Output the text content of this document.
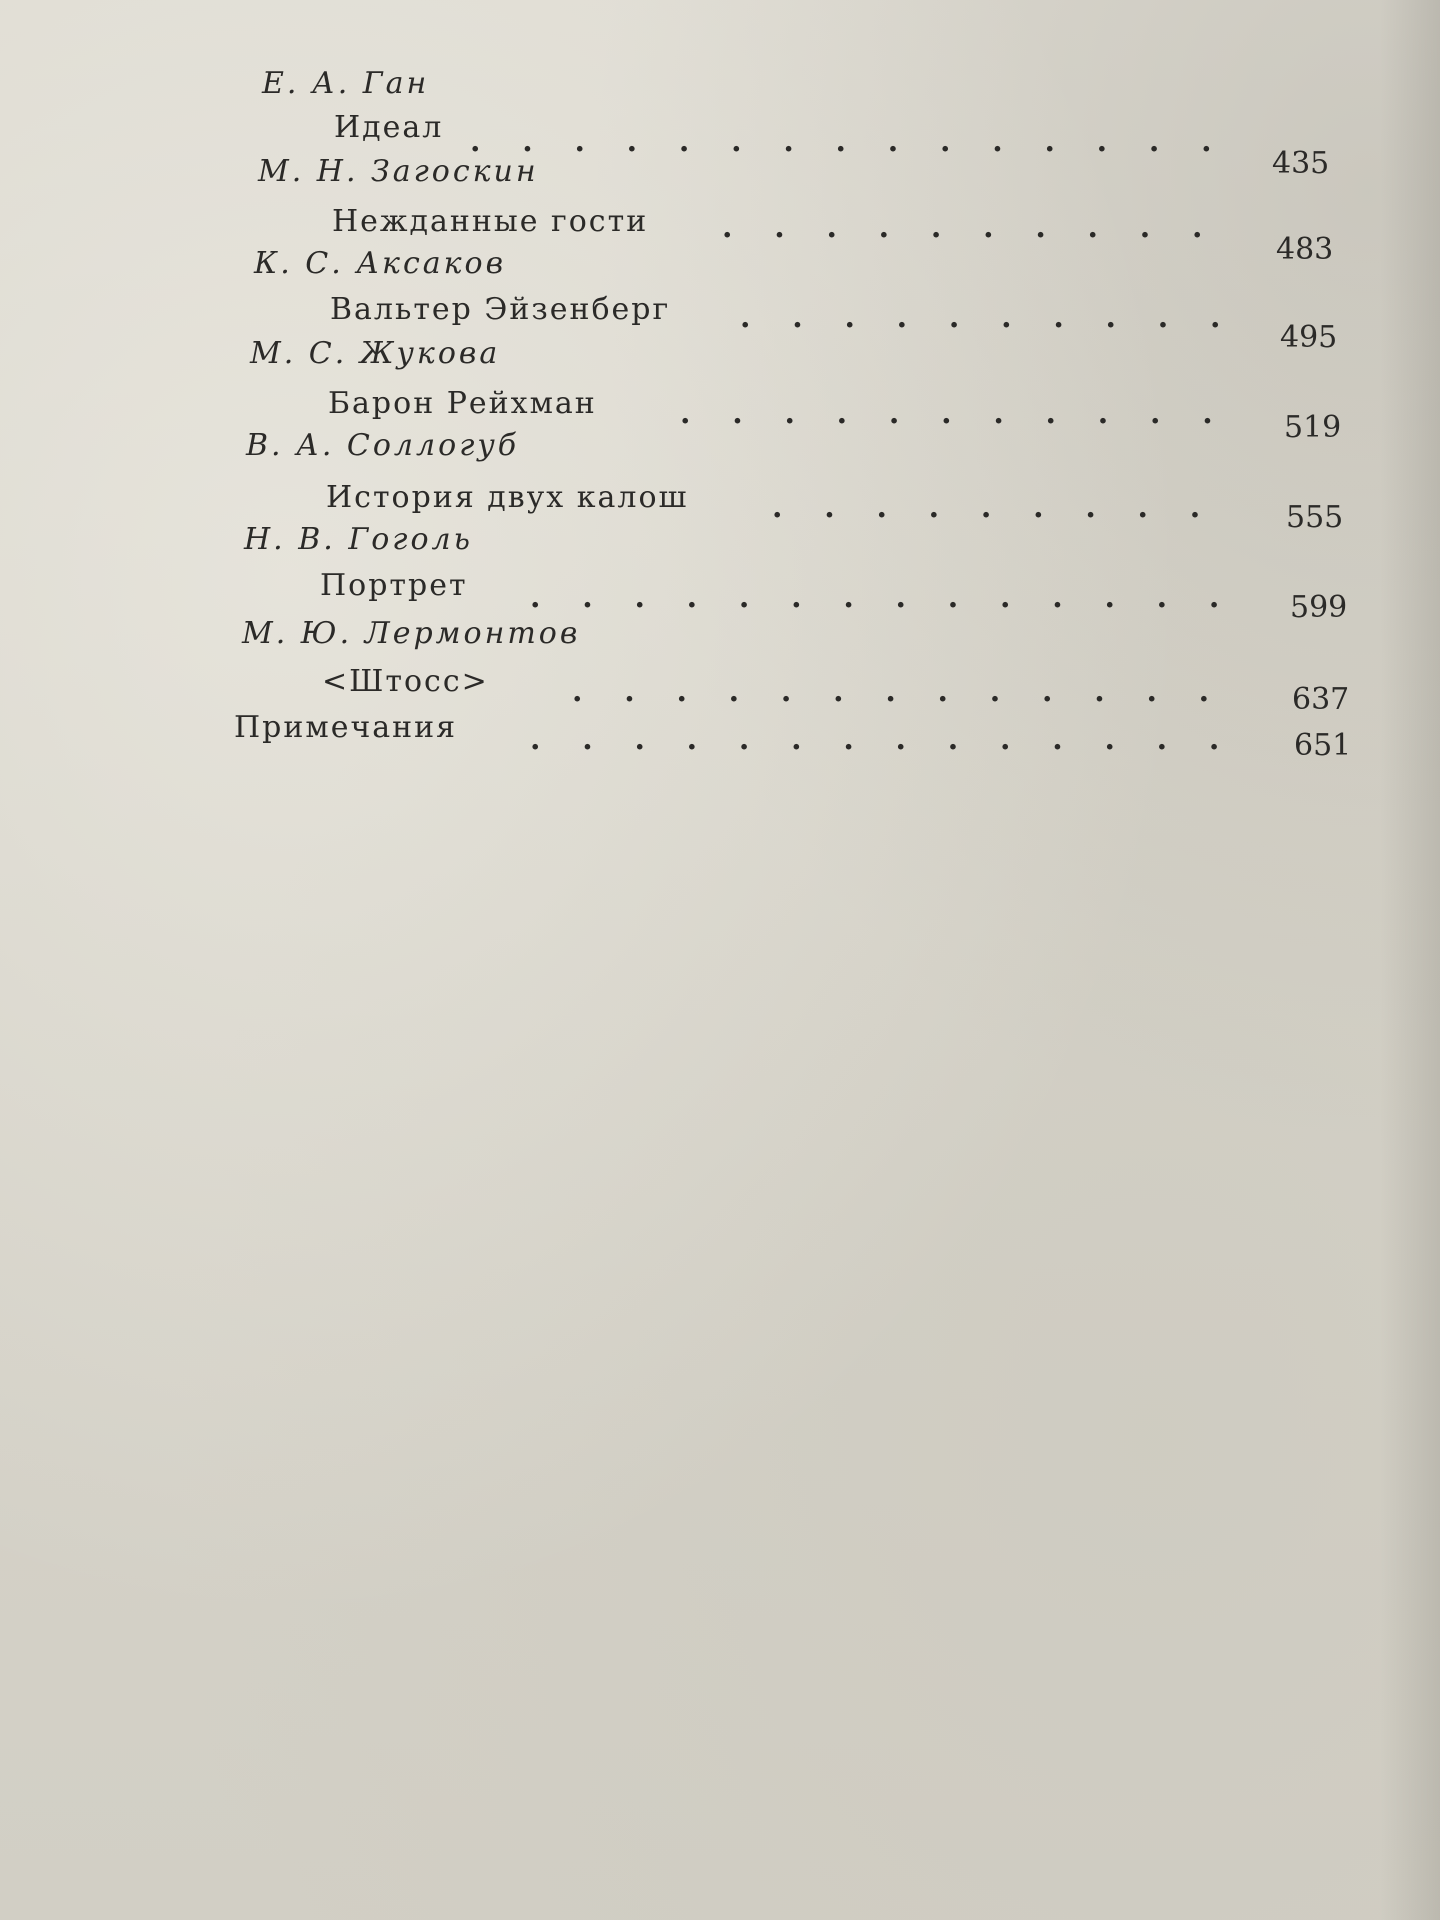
Е. А. Ган
Идеал
.
435
М. Н. Загоскин
Нежданные гости
.
483
К. С. Аксаков
Вальтер Эйзенберг
.
495
М. С. Жукова
Барон Рейхман
.
519
В. А. Соллогуб
История двух калош
.
555
Н. В. Гоголь
Портрет
.
599
М. Ю. Лермонтов
<Штосс>
.
637
Примечания
.
651
